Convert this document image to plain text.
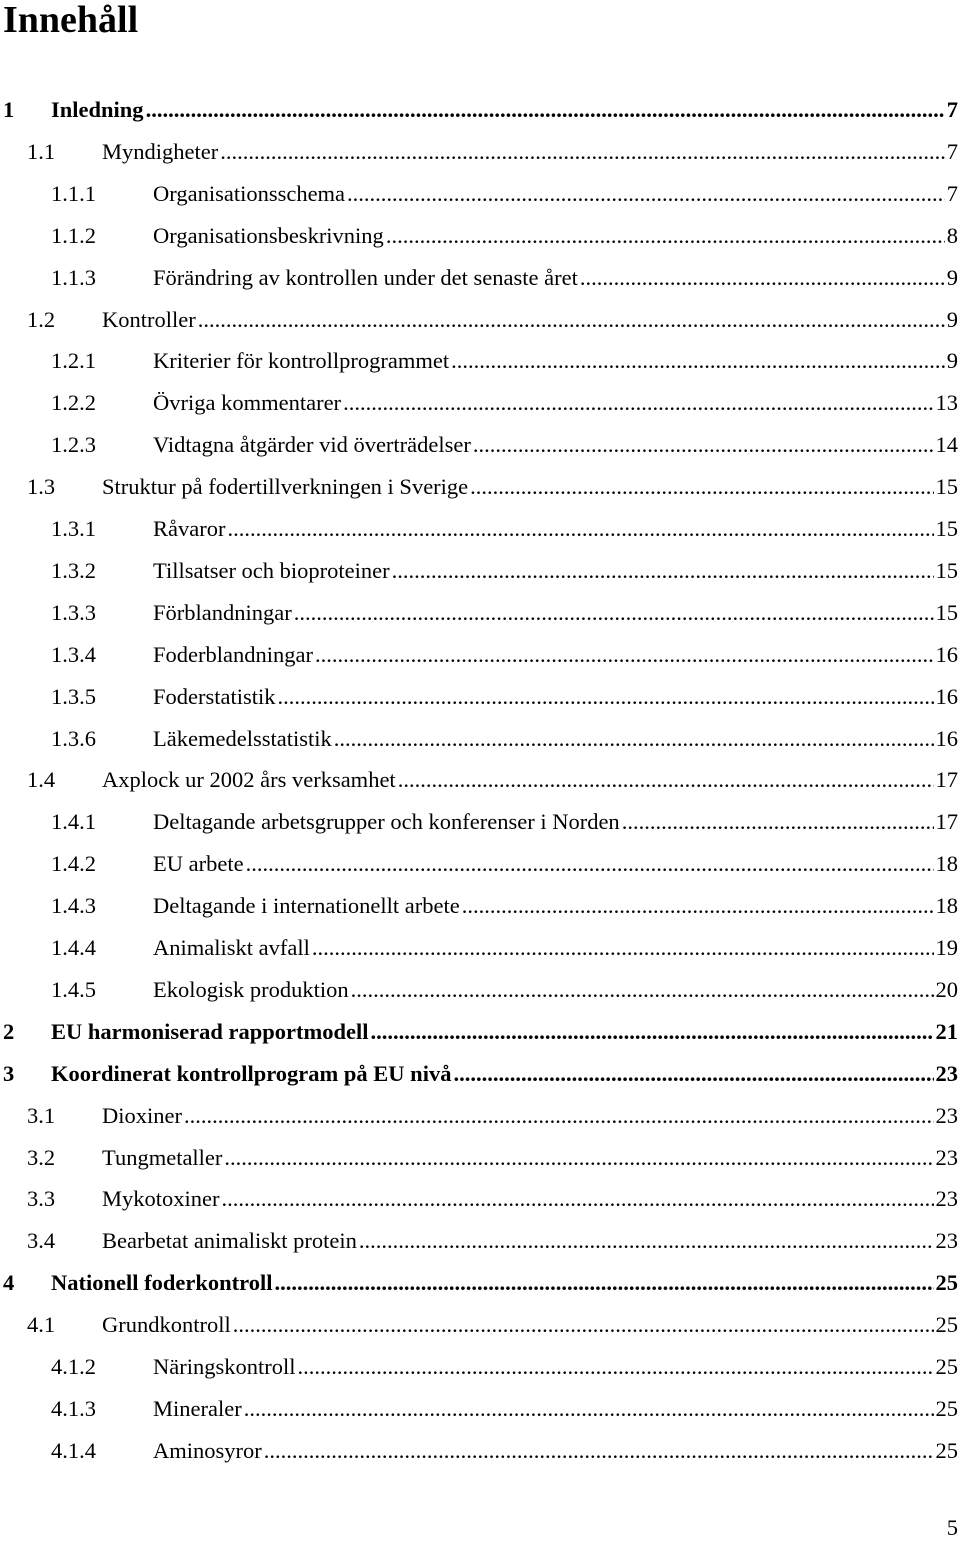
Innehåll
1	Inledning .....	7
1.1	Myndigheter .....	7
1.1.1	Organisationsschema .....	7
1.1.2	Organisationsbeskrivning .....	8
1.1.3	Förändring av kontrollen under det senaste året .....	9
1.2	Kontroller .....	9
1.2.1	Kriterier för kontrollprogrammet .....	9
1.2.2	Övriga kommentarer .....	13
1.2.3	Vidtagna åtgärder vid överträdelser .....	14
1.3	Struktur på fodertillverkningen i Sverige .....	15
1.3.1	Råvaror .....	15
1.3.2	Tillsatser och bioproteiner .....	15
1.3.3	Förblandningar .....	15
1.3.4	Foderblandningar .....	16
1.3.5	Foderstatistik .....	16
1.3.6	Läkemedelsstatistik .....	16
1.4	Axplock ur 2002 års verksamhet .....	17
1.4.1	Deltagande arbetsgrupper och konferenser i Norden .....	17
1.4.2	EU arbete .....	18
1.4.3	Deltagande i internationellt arbete .....	18
1.4.4	Animaliskt avfall .....	19
1.4.5	Ekologisk produktion .....	20
2	EU harmoniserad rapportmodell .....	21
3	Koordinerat kontrollprogram på EU nivå .....	23
3.1	Dioxiner .....	23
3.2	Tungmetaller .....	23
3.3	Mykotoxiner .....	23
3.4	Bearbetat animaliskt protein .....	23
4	Nationell foderkontroll .....	25
4.1	Grundkontroll .....	25
4.1.2	Näringskontroll .....	25
4.1.3	Mineraler .....	25
4.1.4	Aminosyror .....	25
5
